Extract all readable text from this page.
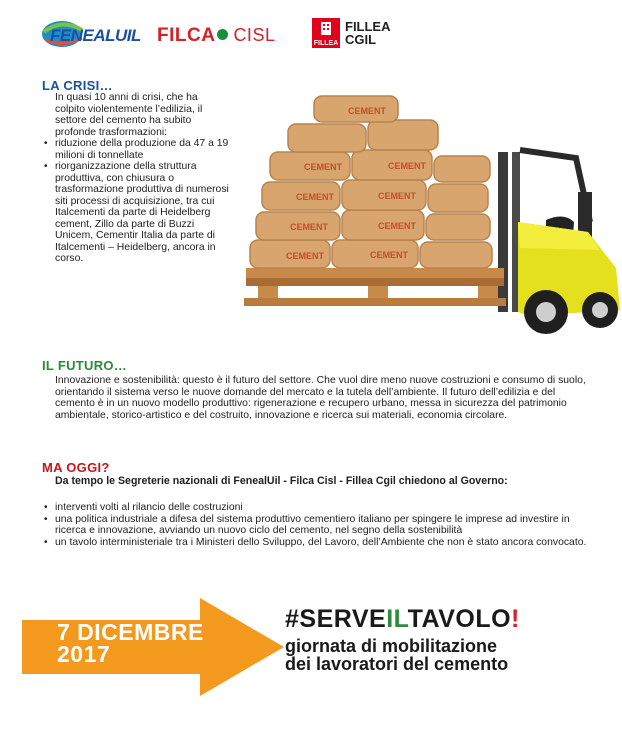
FENEALUIL FILCA CISL	FILLEA
FILLEA
CGIL
LA CRISI…
In quasi 10 anni di crisi, che ha colpito violentemente l’edilizia, il settore del cemento ha subito profonde trasformazioni:
• riduzione della produzione da 47 a 19 milioni di tonnellate
• riorganizzazione della struttura produttiva, con chiusura o trasformazione produttiva di numerosi siti processi di acquisizione, tra cui Italcementi da parte di Heidelberg cement, Zillo da parte di Buzzi Unicem, Cementir Italia da parte di Italcementi – Heidelberg, ancora in corso.	CEMENT	CEMENT
CEMENT	CEMENT
CEMENT	CEMENT
CEMENT	CEMENT
CEMENT
IL FUTURO…
Innovazione e sostenibilità: questo è il futuro del settore. Che vuol dire meno nuove costruzioni e consumo di suolo, orientando il sistema verso le nuove domande del mercato e la tutela dell’ambiente. Il futuro dell’edilizia e del cemento è in un nuovo modello produttivo: rigenerazione e recupero urbano, messa in sicurezza del patrimonio ambientale, storico-artistico e del costruito, innovazione e ricerca sui materiali, economia circolare.
MA OGGI?
Da tempo le Segreterie nazionali di FenealUil - Filca Cisl - Fillea Cgil chiedono al Governo:
• interventi volti al rilancio delle costruzioni
• una politica industriale a difesa del sistema produttivo cementiero italiano per spingere le imprese ad investire in ricerca e innovazione, avviando un nuovo ciclo del cemento, nel segno della sostenibilità
• un tavolo interministeriale tra i Ministeri dello Sviluppo, del Lavoro, dell’Ambiente che non è stato ancora convocato.
7 DICEMBRE
2017
#SERVEILTAVOLO!
giornata di mobilitazione
dei lavoratori del cemento
